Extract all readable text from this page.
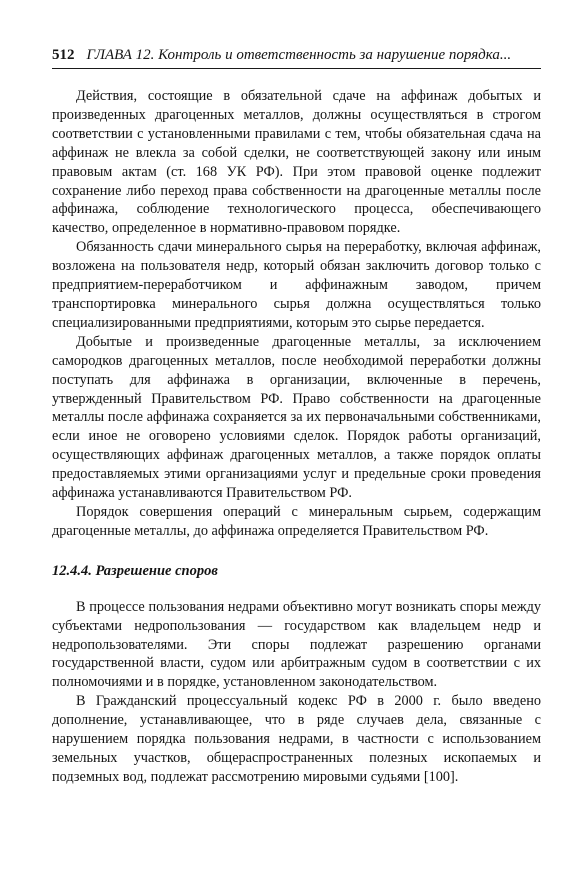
512 ГЛАВА 12. Контроль и ответственность за нарушение порядка...

Действия, состоящие в обязательной сдаче на аффинаж добытых и произведенных драгоценных металлов, должны осуществляться в строгом соответствии с установленными правилами с тем, чтобы обязательная сдача на аффинаж не влекла за собой сделки, не соответствующей закону или иным правовым актам (ст. 168 УК РФ). При этом правовой оценке подлежит сохранение либо переход права собственности на драгоценные металлы после аффинажа, соблюдение технологического процесса, обеспечивающего качество, определенное в нормативно-правовом порядке.

Обязанность сдачи минерального сырья на переработку, включая аффинаж, возложена на пользователя недр, который обязан заключить договор только с предприятием-переработчиком и аффинажным заводом, причем транспортировка минерального сырья должна осуществляться только специализированными предприятиями, которым это сырье передается.

Добытые и произведенные драгоценные металлы, за исключением самородков драгоценных металлов, после необходимой переработки должны поступать для аффинажа в организации, включенные в перечень, утвержденный Правительством РФ. Право собственности на драгоценные металлы после аффинажа сохраняется за их первоначальными собственниками, если иное не оговорено условиями сделок. Порядок работы организаций, осуществляющих аффинаж драгоценных металлов, а также порядок оплаты предоставляемых этими организациями услуг и предельные сроки проведения аффинажа устанавливаются Правительством РФ.

Порядок совершения операций с минеральным сырьем, содержащим драгоценные металлы, до аффинажа определяется Правительством РФ.

12.4.4. Разрешение споров

В процессе пользования недрами объективно могут возникать споры между субъектами недропользования — государством как владельцем недр и недропользователями. Эти споры подлежат разрешению органами государственной власти, судом или арбитражным судом в соответствии с их полномочиями и в порядке, установленном законодательством.

В Гражданский процессуальный кодекс РФ в 2000 г. было введено дополнение, устанавливающее, что в ряде случаев дела, связанные с нарушением порядка пользования недрами, в частности с использованием земельных участков, общераспространенных полезных ископаемых и подземных вод, подлежат рассмотрению мировыми судьями [100].
